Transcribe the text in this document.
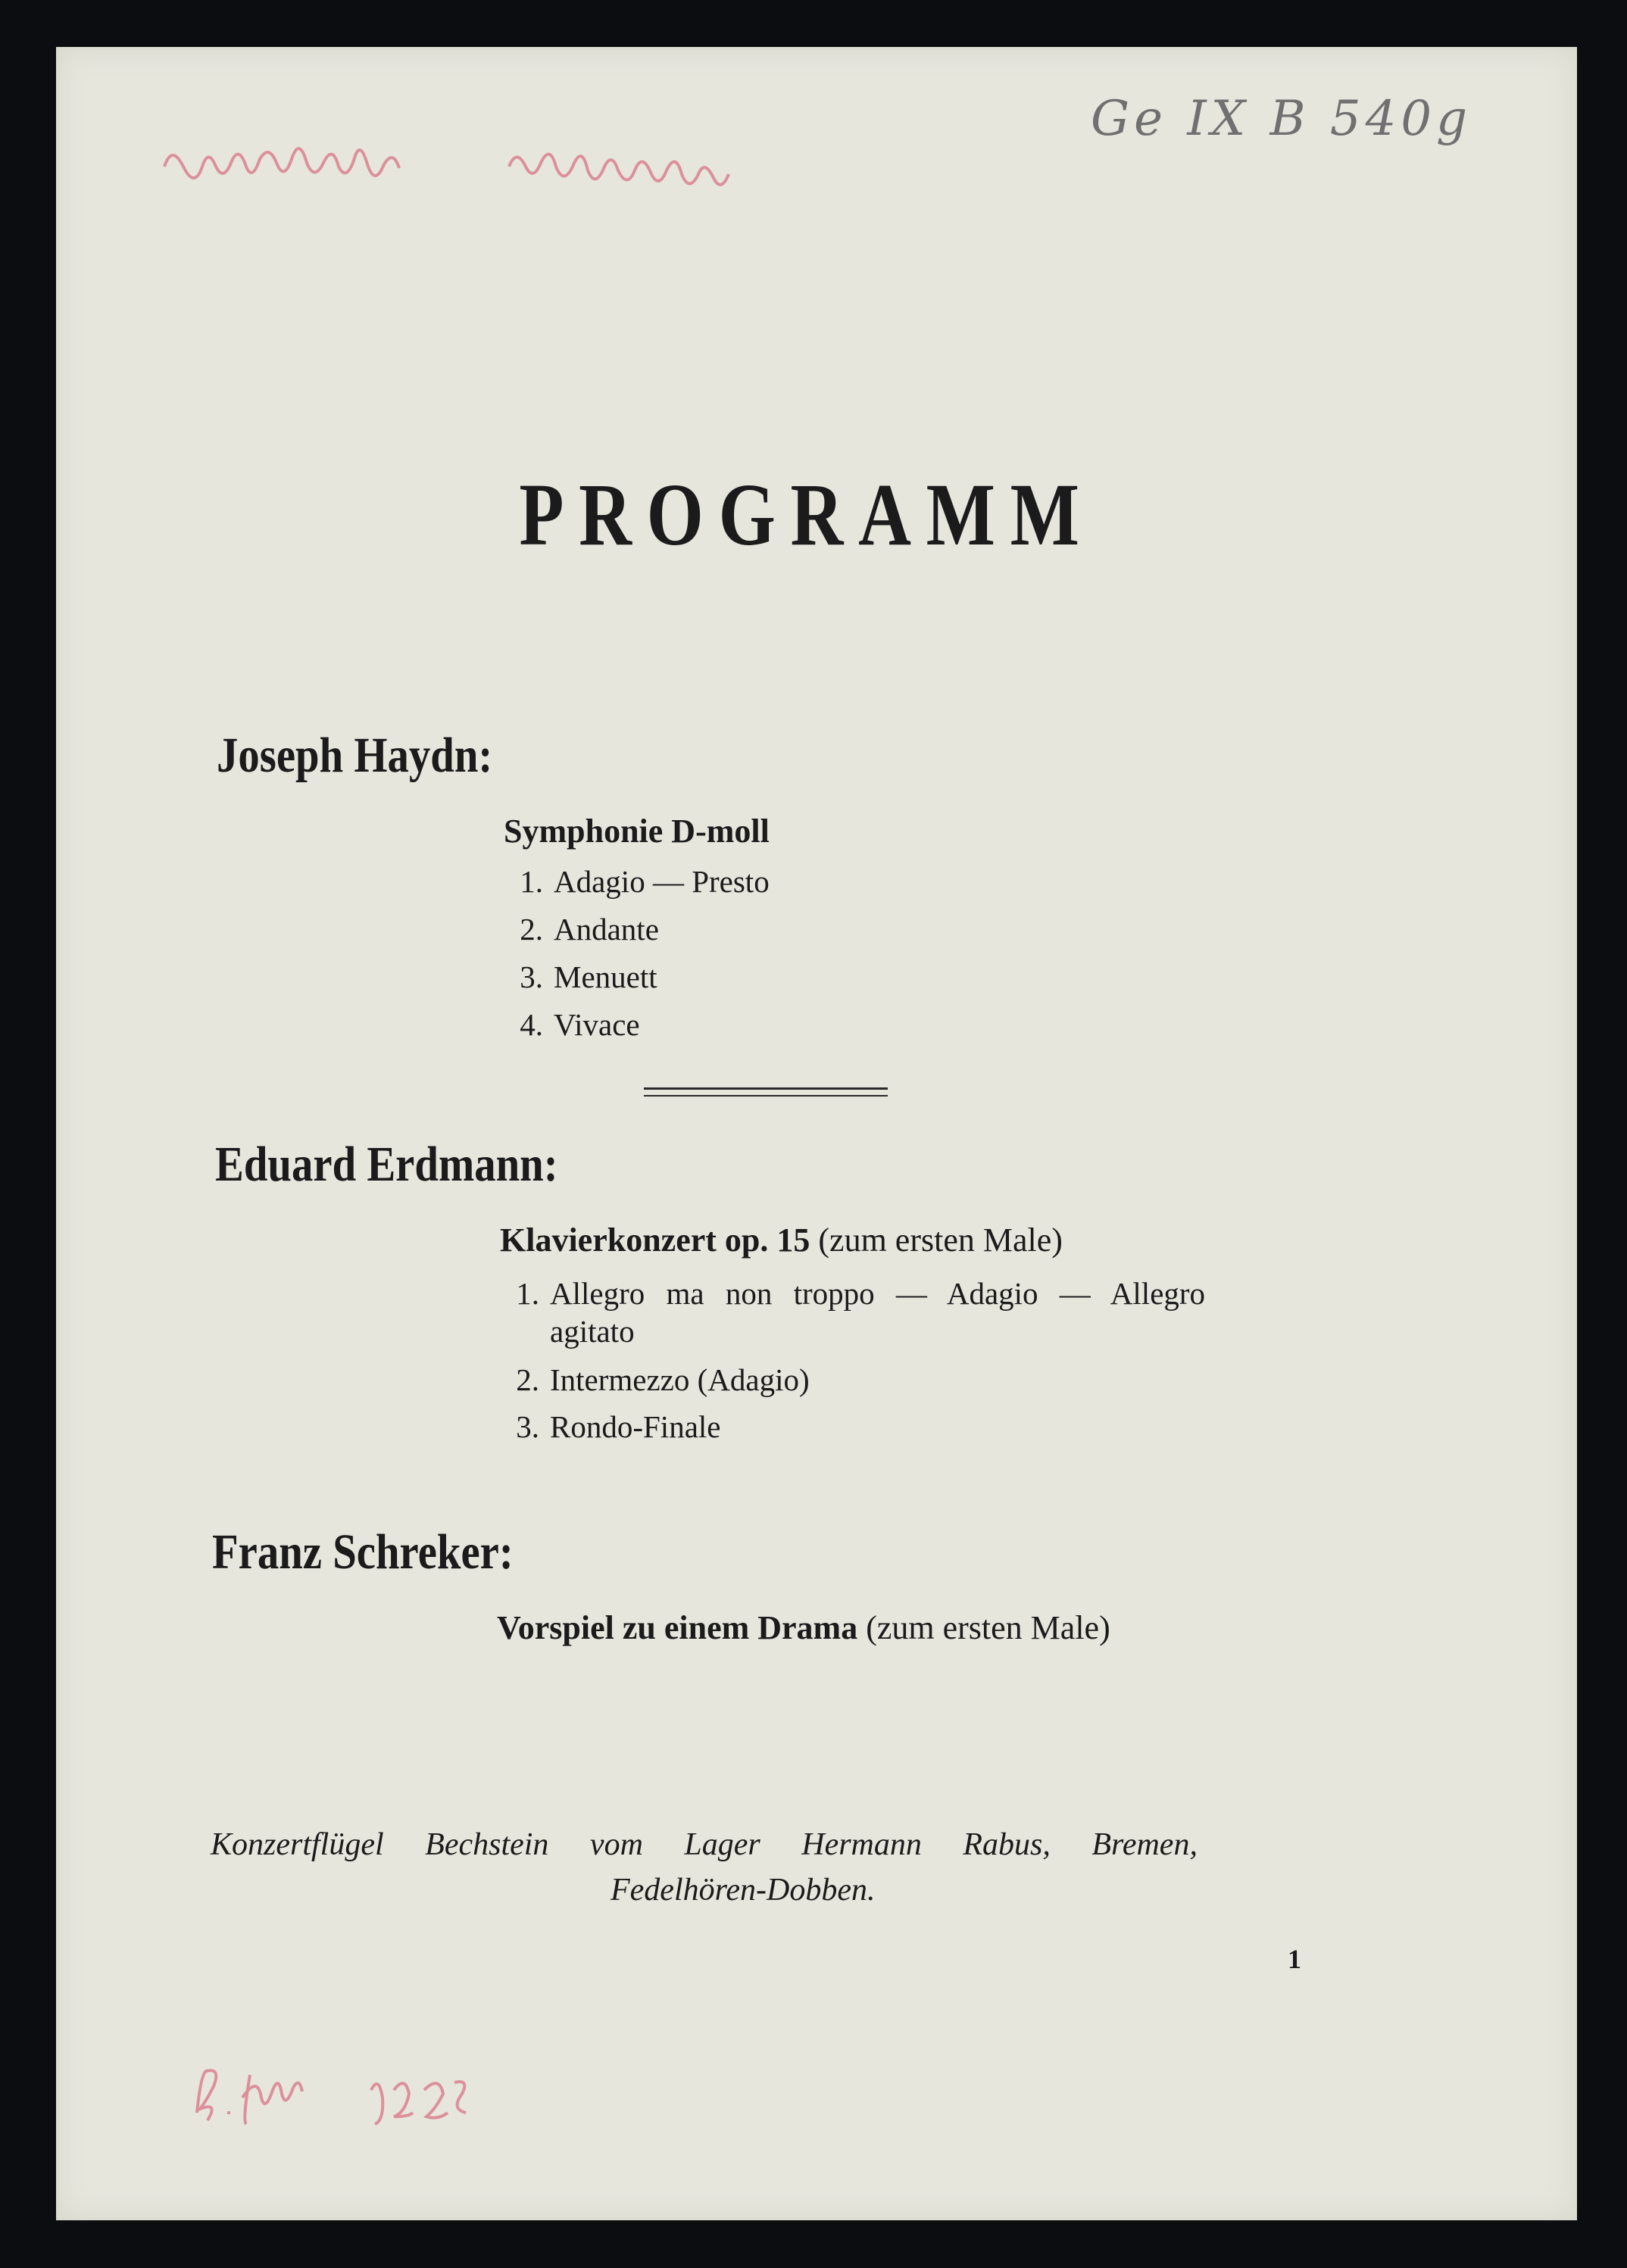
Ge IX B 540g
PROGRAMM
Joseph Haydn:
Symphonie D-moll
1. Adagio — Presto
2. Andante
3. Menuett
4. Vivace
Eduard Erdmann:
Klavierkonzert op. 15 (zum ersten Male)
1. Allegro ma non troppo — Adagio — Allegro
agitato
2. Intermezzo (Adagio)
3. Rondo-Finale
Franz Schreker:
Vorspiel zu einem Drama (zum ersten Male)
Konzertflügel Bechstein vom Lager Hermann Rabus, Bremen,
Fedelhören-Dobben.
1
